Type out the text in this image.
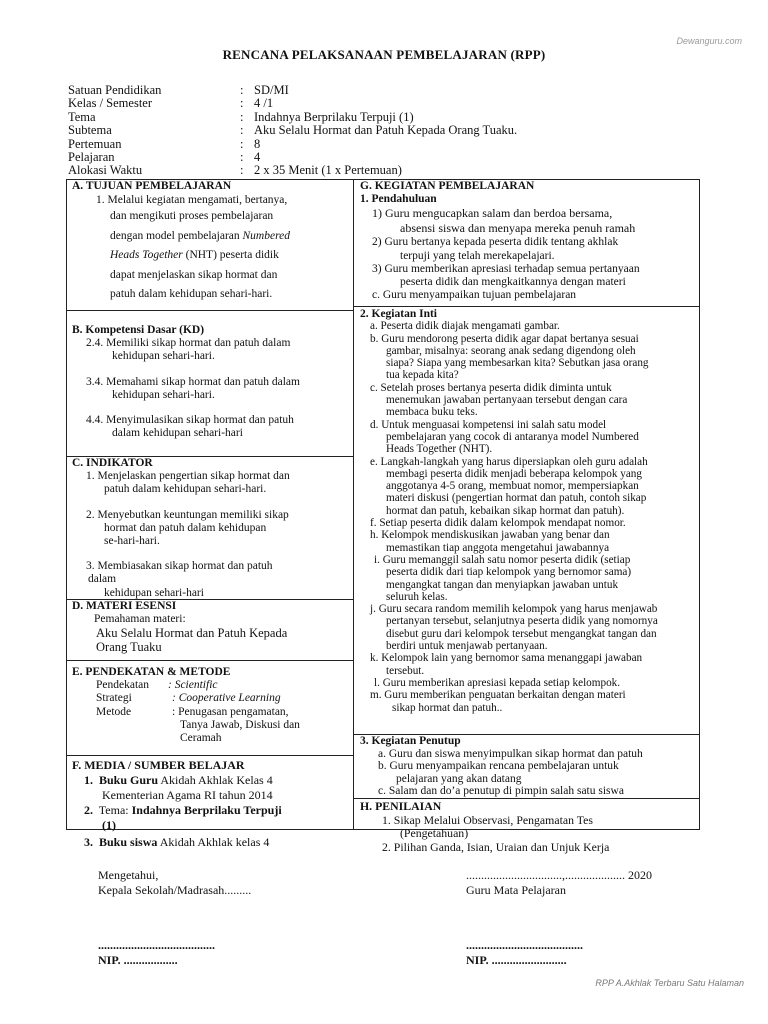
Dewanguru.com
RENCANA PELAKSANAAN PEMBELAJARAN (RPP)
Satuan Pendidikan	: SD/MI
Kelas / Semester	: 4 /1
Tema	: Indahnya Berprilaku Terpuji (1)
Subtema	: Aku Selalu Hormat dan Patuh Kepada Orang Tuaku.
Pertemuan	: 8
Pelajaran	: 4
Alokasi Waktu	: 2 x 35 Menit (1 x Pertemuan)
A. TUJUAN PEMBELAJARAN
1. Melalui kegiatan mengamati, bertanya,
dan mengikuti proses pembelajaran
dengan model pembelajaran Numbered
Heads Together (NHT) peserta didik
dapat menjelaskan sikap hormat dan
patuh dalam kehidupan sehari-hari.
B. Kompetensi Dasar (KD)
2.4. Memiliki sikap hormat dan patuh dalam
kehidupan sehari-hari.
3.4. Memahami sikap hormat dan patuh dalam
kehidupan sehari-hari.
4.4. Menyimulasikan sikap hormat dan patuh
dalam kehidupan sehari-hari
C. INDIKATOR
1. Menjelaskan pengertian sikap hormat dan
patuh dalam kehidupan sehari-hari.
2. Menyebutkan keuntungan memiliki sikap
hormat dan patuh dalam kehidupan
se-hari-hari.
3. Membiasakan sikap hormat dan patuh
dalam
kehidupan sehari-hari
D. MATERI ESENSI
Pemahaman materi:
Aku Selalu Hormat dan Patuh Kepada
Orang Tuaku
E. PENDEKATAN & METODE
Pendekatan	: Scientific
Strategi	: Cooperative Learning
Metode	: Penugasan pengamatan,
Tanya Jawab, Diskusi dan
Ceramah
F. MEDIA / SUMBER BELAJAR
1. Buku Guru Akidah Akhlak Kelas 4
Kementerian Agama RI tahun 2014
2. Tema: Indahnya Berprilaku Terpuji
(1)
3. Buku siswa Akidah Akhlak kelas 4
G. KEGIATAN PEMBELAJARAN
1. Pendahuluan
1) Guru mengucapkan salam dan berdoa bersama,
absensi siswa dan menyapa mereka penuh ramah
2) Guru bertanya kepada peserta didik tentang akhlak
terpuji yang telah merekapelajari.
3) Guru memberikan apresiasi terhadap semua pertanyaan
peserta didik dan mengkaitkannya dengan materi
c. Guru menyampaikan tujuan pembelajaran
2. Kegiatan Inti
a. Peserta didik diajak mengamati gambar.
b. Guru mendorong peserta didik agar dapat bertanya sesuai
gambar, misalnya: seorang anak sedang digendong oleh
siapa? Siapa yang membesarkan kita? Sebutkan jasa orang
tua kepada kita?
c. Setelah proses bertanya peserta didik diminta untuk
menemukan jawaban pertanyaan tersebut dengan cara
membaca buku teks.
d. Untuk menguasai kompetensi ini salah satu model
pembelajaran yang cocok di antaranya model Numbered
Heads Together (NHT).
e. Langkah-langkah yang harus dipersiapkan oleh guru adalah
membagi peserta didik menjadi beberapa kelompok yang
anggotanya 4-5 orang, membuat nomor, mempersiapkan
materi diskusi (pengertian hormat dan patuh, contoh sikap
hormat dan patuh, kebaikan sikap hormat dan patuh).
f. Setiap peserta didik dalam kelompok mendapat nomor.
h. Kelompok mendiskusikan jawaban yang benar dan
memastikan tiap anggota mengetahui jawabannya
i. Guru memanggil salah satu nomor peserta didik (setiap
peserta didik dari tiap kelompok yang bernomor sama)
mengangkat tangan dan menyiapkan jawaban untuk
seluruh kelas.
j. Guru secara random memilih kelompok yang harus menjawab
pertanyan tersebut, selanjutnya peserta didik yang nomornya
disebut guru dari kelompok tersebut mengangkat tangan dan
berdiri untuk menjawab pertanyaan.
k. Kelompok lain yang bernomor sama menanggapi jawaban
tersebut.
l. Guru memberikan apresiasi kepada setiap kelompok.
m. Guru memberikan penguatan berkaitan dengan materi
sikap hormat dan patuh..
3. Kegiatan Penutup
a. Guru dan siswa menyimpulkan sikap hormat dan patuh
b. Guru menyampaikan rencana pembelajaran untuk
pelajaran yang akan datang
c. Salam dan do’a penutup di pimpin salah satu siswa
H. PENILAIAN
1. Sikap Melalui Observasi, Pengamatan Tes
(Pengetahuan)
2. Pilihan Ganda, Isian, Uraian dan Unjuk Kerja
Mengetahui,
Kepala Sekolah/Madrasah.........
.......................................
NIP. ..................
................................,.................... 2020
Guru Mata Pelajaran
.......................................
NIP. .........................
RPP A.Akhlak Terbaru Satu Halaman
